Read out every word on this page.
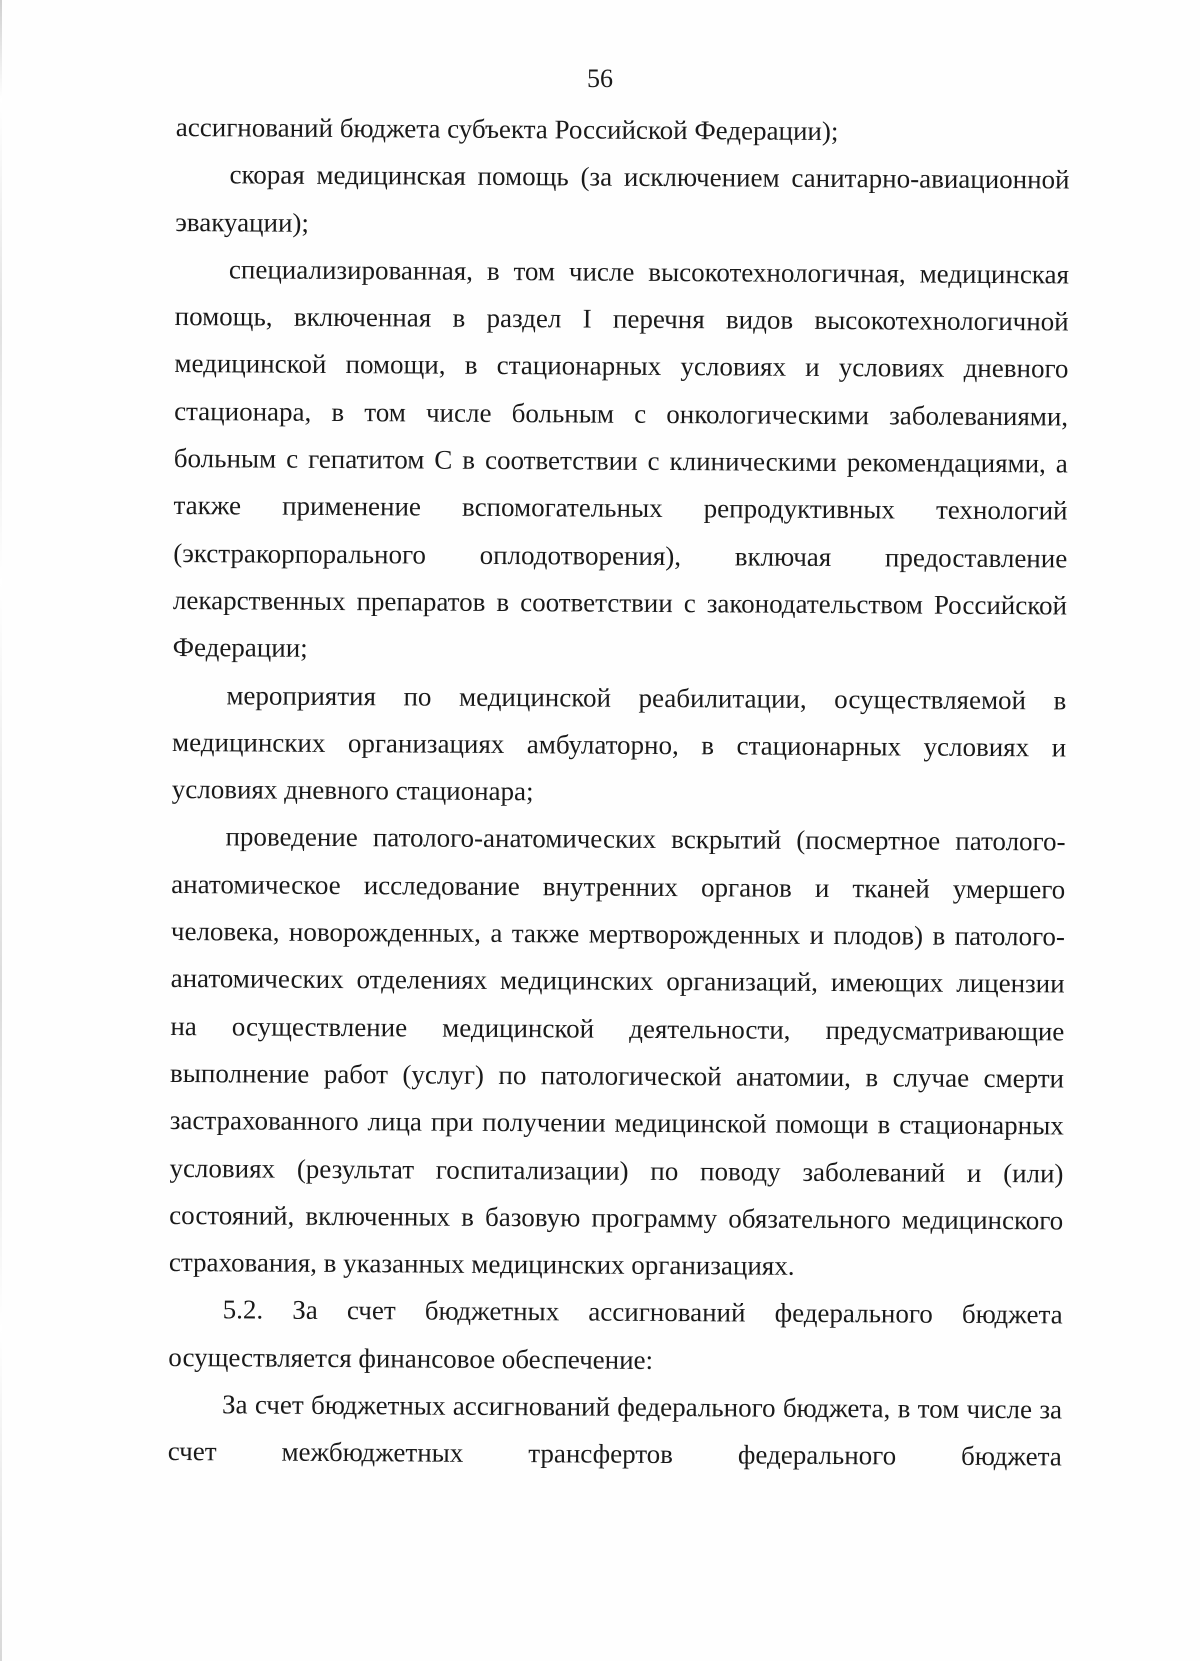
56

ассигнований бюджета субъекта Российской Федерации);

скорая медицинская помощь (за исключением санитарно-авиационной эвакуации);

специализированная, в том числе высокотехнологичная, медицинская помощь, включенная в раздел I перечня видов высокотехнологичной медицинской помощи, в стационарных условиях и условиях дневного стационара, в том числе больным с онкологическими заболеваниями, больным с гепатитом С в соответствии с клиническими рекомендациями, а также применение вспомогательных репродуктивных технологий (экстракорпорального оплодотворения), включая предоставление лекарственных препаратов в соответствии с законодательством Российской Федерации;

мероприятия по медицинской реабилитации, осуществляемой в медицинских организациях амбулаторно, в стационарных условиях и условиях дневного стационара;

проведение патолого-анатомических вскрытий (посмертное патолого-анатомическое исследование внутренних органов и тканей умершего человека, новорожденных, а также мертворожденных и плодов) в патолого-анатомических отделениях медицинских организаций, имеющих лицензии на осуществление медицинской деятельности, предусматривающие выполнение работ (услуг) по патологической анатомии, в случае смерти застрахованного лица при получении медицинской помощи в стационарных условиях (результат госпитализации) по поводу заболеваний и (или) состояний, включенных в базовую программу обязательного медицинского страхования, в указанных медицинских организациях.

5.2. За счет бюджетных ассигнований федерального бюджета осуществляется финансовое обеспечение:

За счет бюджетных ассигнований федерального бюджета, в том числе за счет межбюджетных трансфертов федерального бюджета
